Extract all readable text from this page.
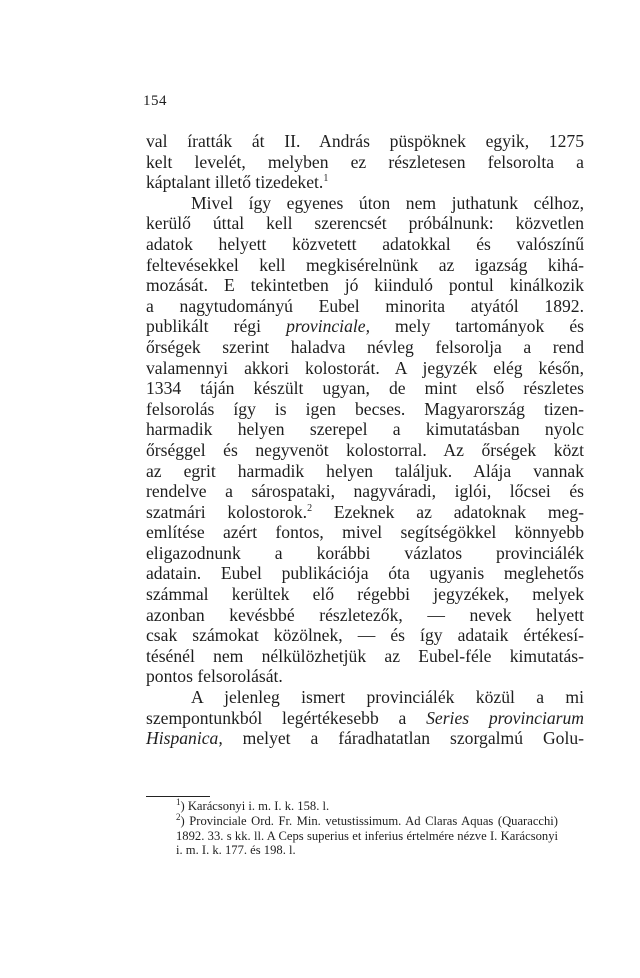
154
val íratták át II. András püspöknek egyik, 1275
kelt levelét, melyben ez részletesen felsorolta a
káptalant illető tizedeket.$^1$
Mivel így egyenes úton nem juthatunk célhoz,
kerülő úttal kell szerencsét próbálnunk: közvetlen
adatok helyett közvetett adatokkal és valószínű
feltevésekkel kell megkisérelnünk az igazság kihá-
mozását. E tekintetben jó kiinduló pontul kinálkozik
a nagytudományú Eubel minorita atyától 1892.
publikált régi provinciale, mely tartományok és
őrségek szerint haladva névleg felsorolja a rend
valamennyi akkori kolostorát. A jegyzék elég későn,
1334 táján készült ugyan, de mint első részletes
felsorolás így is igen becses. Magyarország tizen-
harmadik helyen szerepel a kimutatásban nyolc
őrséggel és negyvenöt kolostorral. Az őrségek közt
az egrit harmadik helyen találjuk. Alája vannak
rendelve a sárospataki, nagyváradi, iglói, lőcsei és
szatmári kolostorok.$^2$ Ezeknek az adatoknak meg-
említése azért fontos, mivel segítségökkel könnyebb
eligazodnunk a korábbi vázlatos provinciálék
adatain. Eubel publikációja óta ugyanis meglehetős
számmal kerültek elő régebbi jegyzékek, melyek
azonban kevésbbé részletezők, — nevek helyett
csak számokat közölnek, — és így adataik értékesí-
tésénél nem nélkülözhetjük az Eubel-féle kimutatás-
pontos felsorolását.
A jelenleg ismert provinciálék közül a mi
szempontunkból legértékesebb a Series provinciarum
Hispanica, melyet a fáradhatatlan szorgalmú Golu-
$^1$) Karácsonyi i. m. I. k. 158. l.
$^2$) Provinciale Ord. Fr. Min. vetustissimum. Ad Claras Aquas (Quaracchi) 1892. 33. s kk. ll. A Ceps superius et inferius értelmére nézve I. Karácsonyi i. m. I. k. 177. és 198. l.
